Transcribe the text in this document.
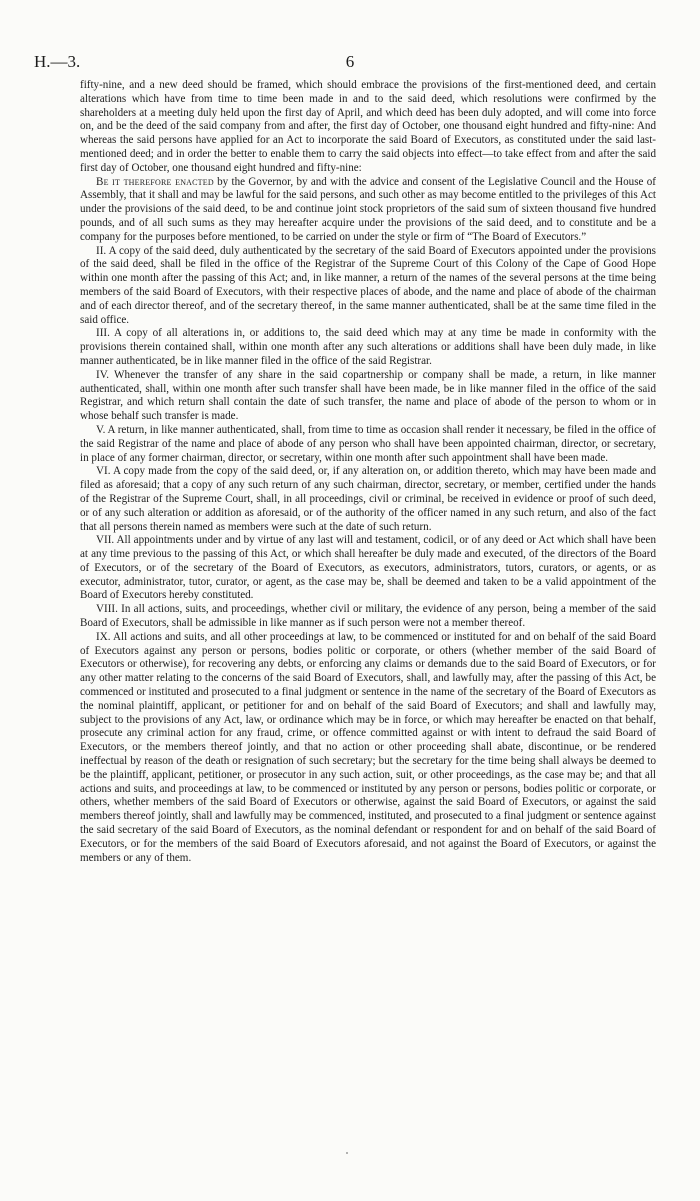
H.—3.	6

fifty-nine, and a new deed should be framed, which should embrace the provisions of the first-mentioned deed, and certain alterations which have from time to time been made in and to the said deed, which resolutions were confirmed by the shareholders at a meeting duly held upon the first day of April, and which deed has been duly adopted, and will come into force on, and be the deed of the said company from and after, the first day of October, one thousand eight hundred and fifty-nine: And whereas the said persons have applied for an Act to incorporate the said Board of Executors, as constituted under the said last-mentioned deed; and in order the better to enable them to carry the said objects into effect—to take effect from and after the said first day of October, one thousand eight hundred and fifty-nine:

Be it therefore enacted by the Governor, by and with the advice and consent of the Legislative Council and the House of Assembly, that it shall and may be lawful for the said persons, and such other as may become entitled to the privileges of this Act under the provisions of the said deed, to be and continue joint stock proprietors of the said sum of sixteen thousand five hundred pounds, and of all such sums as they may hereafter acquire under the provisions of the said deed, and to constitute and be a company for the purposes before mentioned, to be carried on under the style or firm of “The Board of Executors.”

II. A copy of the said deed, duly authenticated by the secretary of the said Board of Executors appointed under the provisions of the said deed, shall be filed in the office of the Registrar of the Supreme Court of this Colony of the Cape of Good Hope within one month after the passing of this Act; and, in like manner, a return of the names of the several persons at the time being members of the said Board of Executors, with their respective places of abode, and the name and place of abode of the chairman and of each director thereof, and of the secretary thereof, in the same manner authenticated, shall be at the same time filed in the said office.

III. A copy of all alterations in, or additions to, the said deed which may at any time be made in conformity with the provisions therein contained shall, within one month after any such alterations or additions shall have been duly made, in like manner authenticated, be in like manner filed in the office of the said Registrar.

IV. Whenever the transfer of any share in the said copartnership or company shall be made, a return, in like manner authenticated, shall, within one month after such transfer shall have been made, be in like manner filed in the office of the said Registrar, and which return shall contain the date of such transfer, the name and place of abode of the person to whom or in whose behalf such transfer is made.

V. A return, in like manner authenticated, shall, from time to time as occasion shall render it necessary, be filed in the office of the said Registrar of the name and place of abode of any person who shall have been appointed chairman, director, or secretary, in place of any former chairman, director, or secretary, within one month after such appointment shall have been made.

VI. A copy made from the copy of the said deed, or, if any alteration on, or addition thereto, which may have been made and filed as aforesaid; that a copy of any such return of any such chairman, director, secretary, or member, certified under the hands of the Registrar of the Supreme Court, shall, in all proceedings, civil or criminal, be received in evidence or proof of such deed, or of any such alteration or addition as aforesaid, or of the authority of the officer named in any such return, and also of the fact that all persons therein named as members were such at the date of such return.

VII. All appointments under and by virtue of any last will and testament, codicil, or of any deed or Act which shall have been at any time previous to the passing of this Act, or which shall hereafter be duly made and executed, of the directors of the Board of Executors, or of the secretary of the Board of Executors, as executors, administrators, tutors, curators, or agents, or as executor, administrator, tutor, curator, or agent, as the case may be, shall be deemed and taken to be a valid appointment of the Board of Executors hereby constituted.

VIII. In all actions, suits, and proceedings, whether civil or military, the evidence of any person, being a member of the said Board of Executors, shall be admissible in like manner as if such person were not a member thereof.

IX. All actions and suits, and all other proceedings at law, to be commenced or instituted for and on behalf of the said Board of Executors against any person or persons, bodies politic or corporate, or others (whether member of the said Board of Executors or otherwise), for recovering any debts, or enforcing any claims or demands due to the said Board of Executors, or for any other matter relating to the concerns of the said Board of Executors, shall, and lawfully may, after the passing of this Act, be commenced or instituted and prosecuted to a final judgment or sentence in the name of the secretary of the Board of Executors as the nominal plaintiff, applicant, or petitioner for and on behalf of the said Board of Executors; and shall and lawfully may, subject to the provisions of any Act, law, or ordinance which may be in force, or which may hereafter be enacted on that behalf, prosecute any criminal action for any fraud, crime, or offence committed against or with intent to defraud the said Board of Executors, or the members thereof jointly, and that no action or other proceeding shall abate, discontinue, or be rendered ineffectual by reason of the death or resignation of such secretary; but the secretary for the time being shall always be deemed to be the plaintiff, applicant, petitioner, or prosecutor in any such action, suit, or other proceedings, as the case may be; and that all actions and suits, and proceedings at law, to be commenced or instituted by any person or persons, bodies politic or corporate, or others, whether members of the said Board of Executors or otherwise, against the said Board of Executors, or against the said members thereof jointly, shall and lawfully may be commenced, instituted, and prosecuted to a final judgment or sentence against the said secretary of the said Board of Executors, as the nominal defendant or respondent for and on behalf of the said Board of Executors, or for the members of the said Board of Executors aforesaid, and not against the Board of Executors, or against the members or any of them.
